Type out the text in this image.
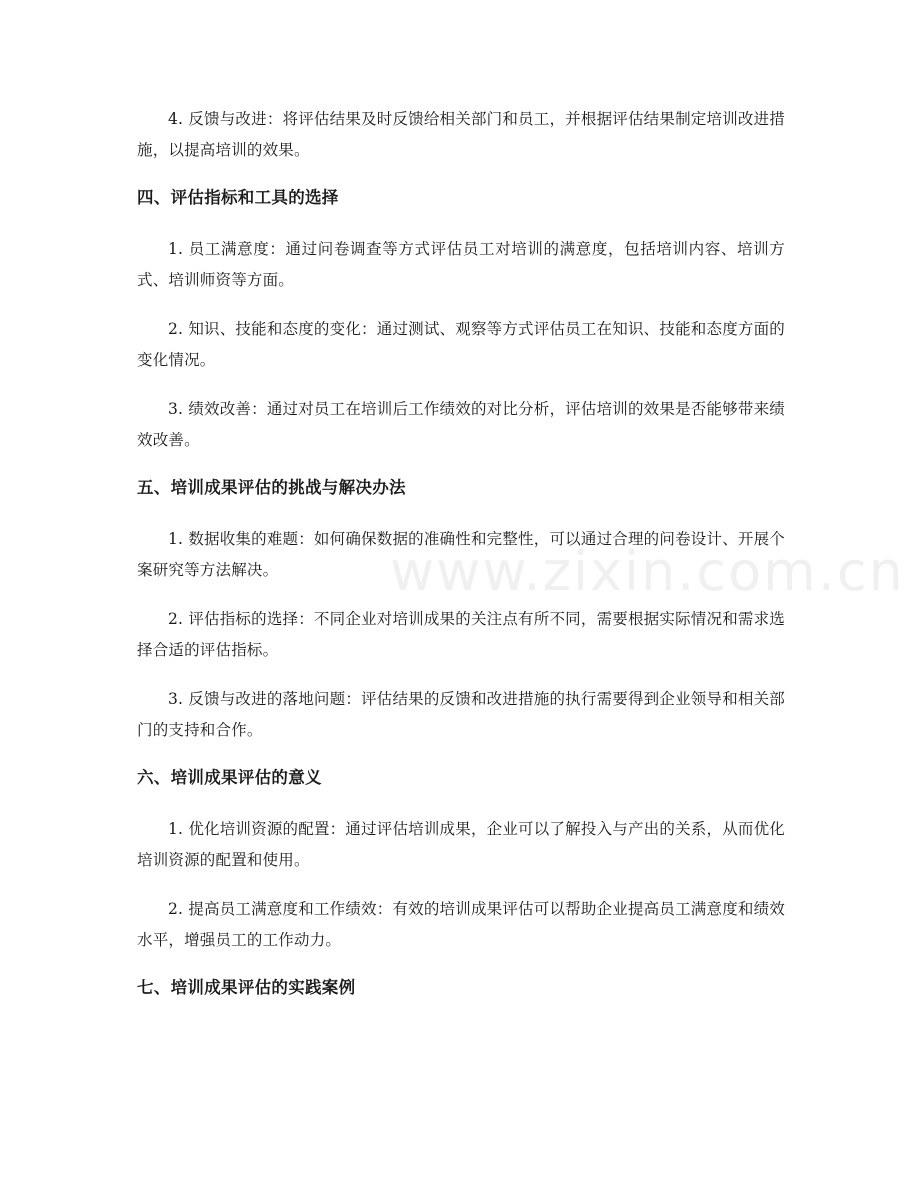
4. 反馈与改进：将评估结果及时反馈给相关部门和员工，并根据评估结果制定培训改进措施，以提高培训的效果。

四、评估指标和工具的选择

1. 员工满意度：通过问卷调查等方式评估员工对培训的满意度，包括培训内容、培训方式、培训师资等方面。

2. 知识、技能和态度的变化：通过测试、观察等方式评估员工在知识、技能和态度方面的变化情况。

3. 绩效改善：通过对员工在培训后工作绩效的对比分析，评估培训的效果是否能够带来绩效改善。

五、培训成果评估的挑战与解决办法

1. 数据收集的难题：如何确保数据的准确性和完整性，可以通过合理的问卷设计、开展个案研究等方法解决。

2. 评估指标的选择：不同企业对培训成果的关注点有所不同，需要根据实际情况和需求选择合适的评估指标。

3. 反馈与改进的落地问题：评估结果的反馈和改进措施的执行需要得到企业领导和相关部门的支持和合作。

六、培训成果评估的意义

1. 优化培训资源的配置：通过评估培训成果，企业可以了解投入与产出的关系，从而优化培训资源的配置和使用。

2. 提高员工满意度和工作绩效：有效的培训成果评估可以帮助企业提高员工满意度和绩效水平，增强员工的工作动力。

七、培训成果评估的实践案例
www.zixin.com.cn
